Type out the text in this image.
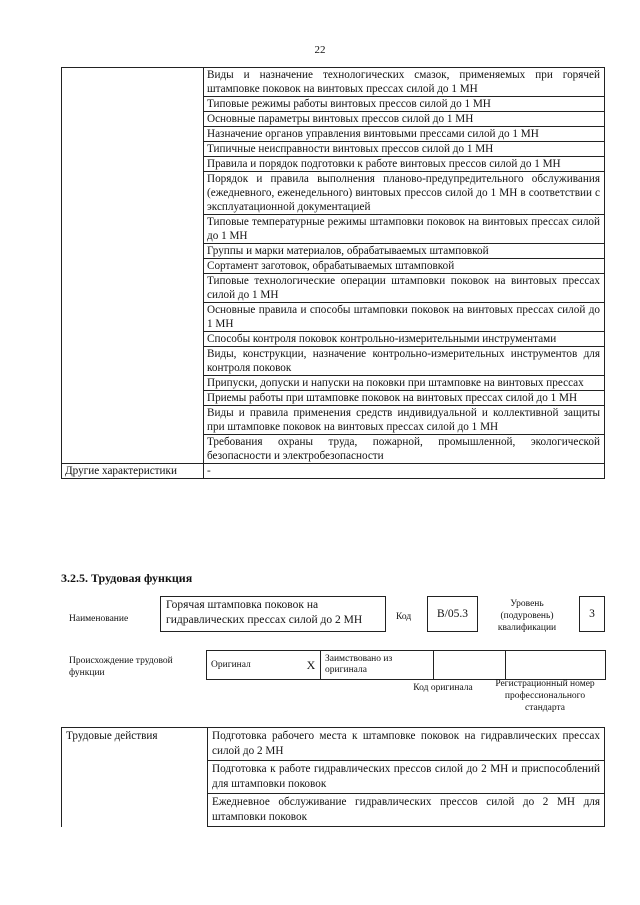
22
	Виды и назначение технологических смазок, применяемых при горячей штамповке поковок на винтовых прессах силой до 1 МН
	Типовые режимы работы винтовых прессов силой до 1 МН
	Основные параметры винтовых прессов силой до 1 МН
	Назначение органов управления винтовыми прессами силой до 1 МН
	Типичные неисправности винтовых прессов силой до 1 МН
	Правила и порядок подготовки к работе винтовых прессов силой до 1 МН
	Порядок и правила выполнения планово-предупредительного обслуживания (ежедневного, еженедельного) винтовых прессов силой до 1 МН в соответствии с эксплуатационной документацией
	Типовые температурные режимы штамповки поковок на винтовых прессах силой до 1 МН
	Группы и марки материалов, обрабатываемых штамповкой
	Сортамент заготовок, обрабатываемых штамповкой
	Типовые технологические операции штамповки поковок на винтовых прессах силой до 1 МН
	Основные правила и способы штамповки поковок на винтовых прессах силой до 1 МН
	Способы контроля поковок контрольно-измерительными инструментами
	Виды, конструкции, назначение контрольно-измерительных инструментов для контроля поковок
	Припуски, допуски и напуски на поковки при штамповке на винтовых прессах
	Приемы работы при штамповке поковок на винтовых прессах силой до 1 МН
	Виды и правила применения средств индивидуальной и коллективной защиты при штамповке поковок на винтовых прессах силой до 1 МН
	Требования охраны труда, пожарной, промышленной, экологической безопасности и электробезопасности
Другие характеристики	-
3.2.5. Трудовая функция
Наименование
Горячая штамповка поковок на гидравлических прессах силой до 2 МН	Код	B/05.3
Уровень (подуровень) квалификации
3
Происхождение трудовой функции
Оригинал	X	Заимствовано из оригинала		
Код оригинала	Регистрационный номер профессионального стандарта
Трудовые действия	Подготовка рабочего места к штамповке поковок на гидравлических прессах силой до 2 МН
Подготовка к работе гидравлических прессов силой до 2 МН и приспособлений для штамповки поковок
Ежедневное обслуживание гидравлических прессов силой до 2 МН для штамповки поковок
